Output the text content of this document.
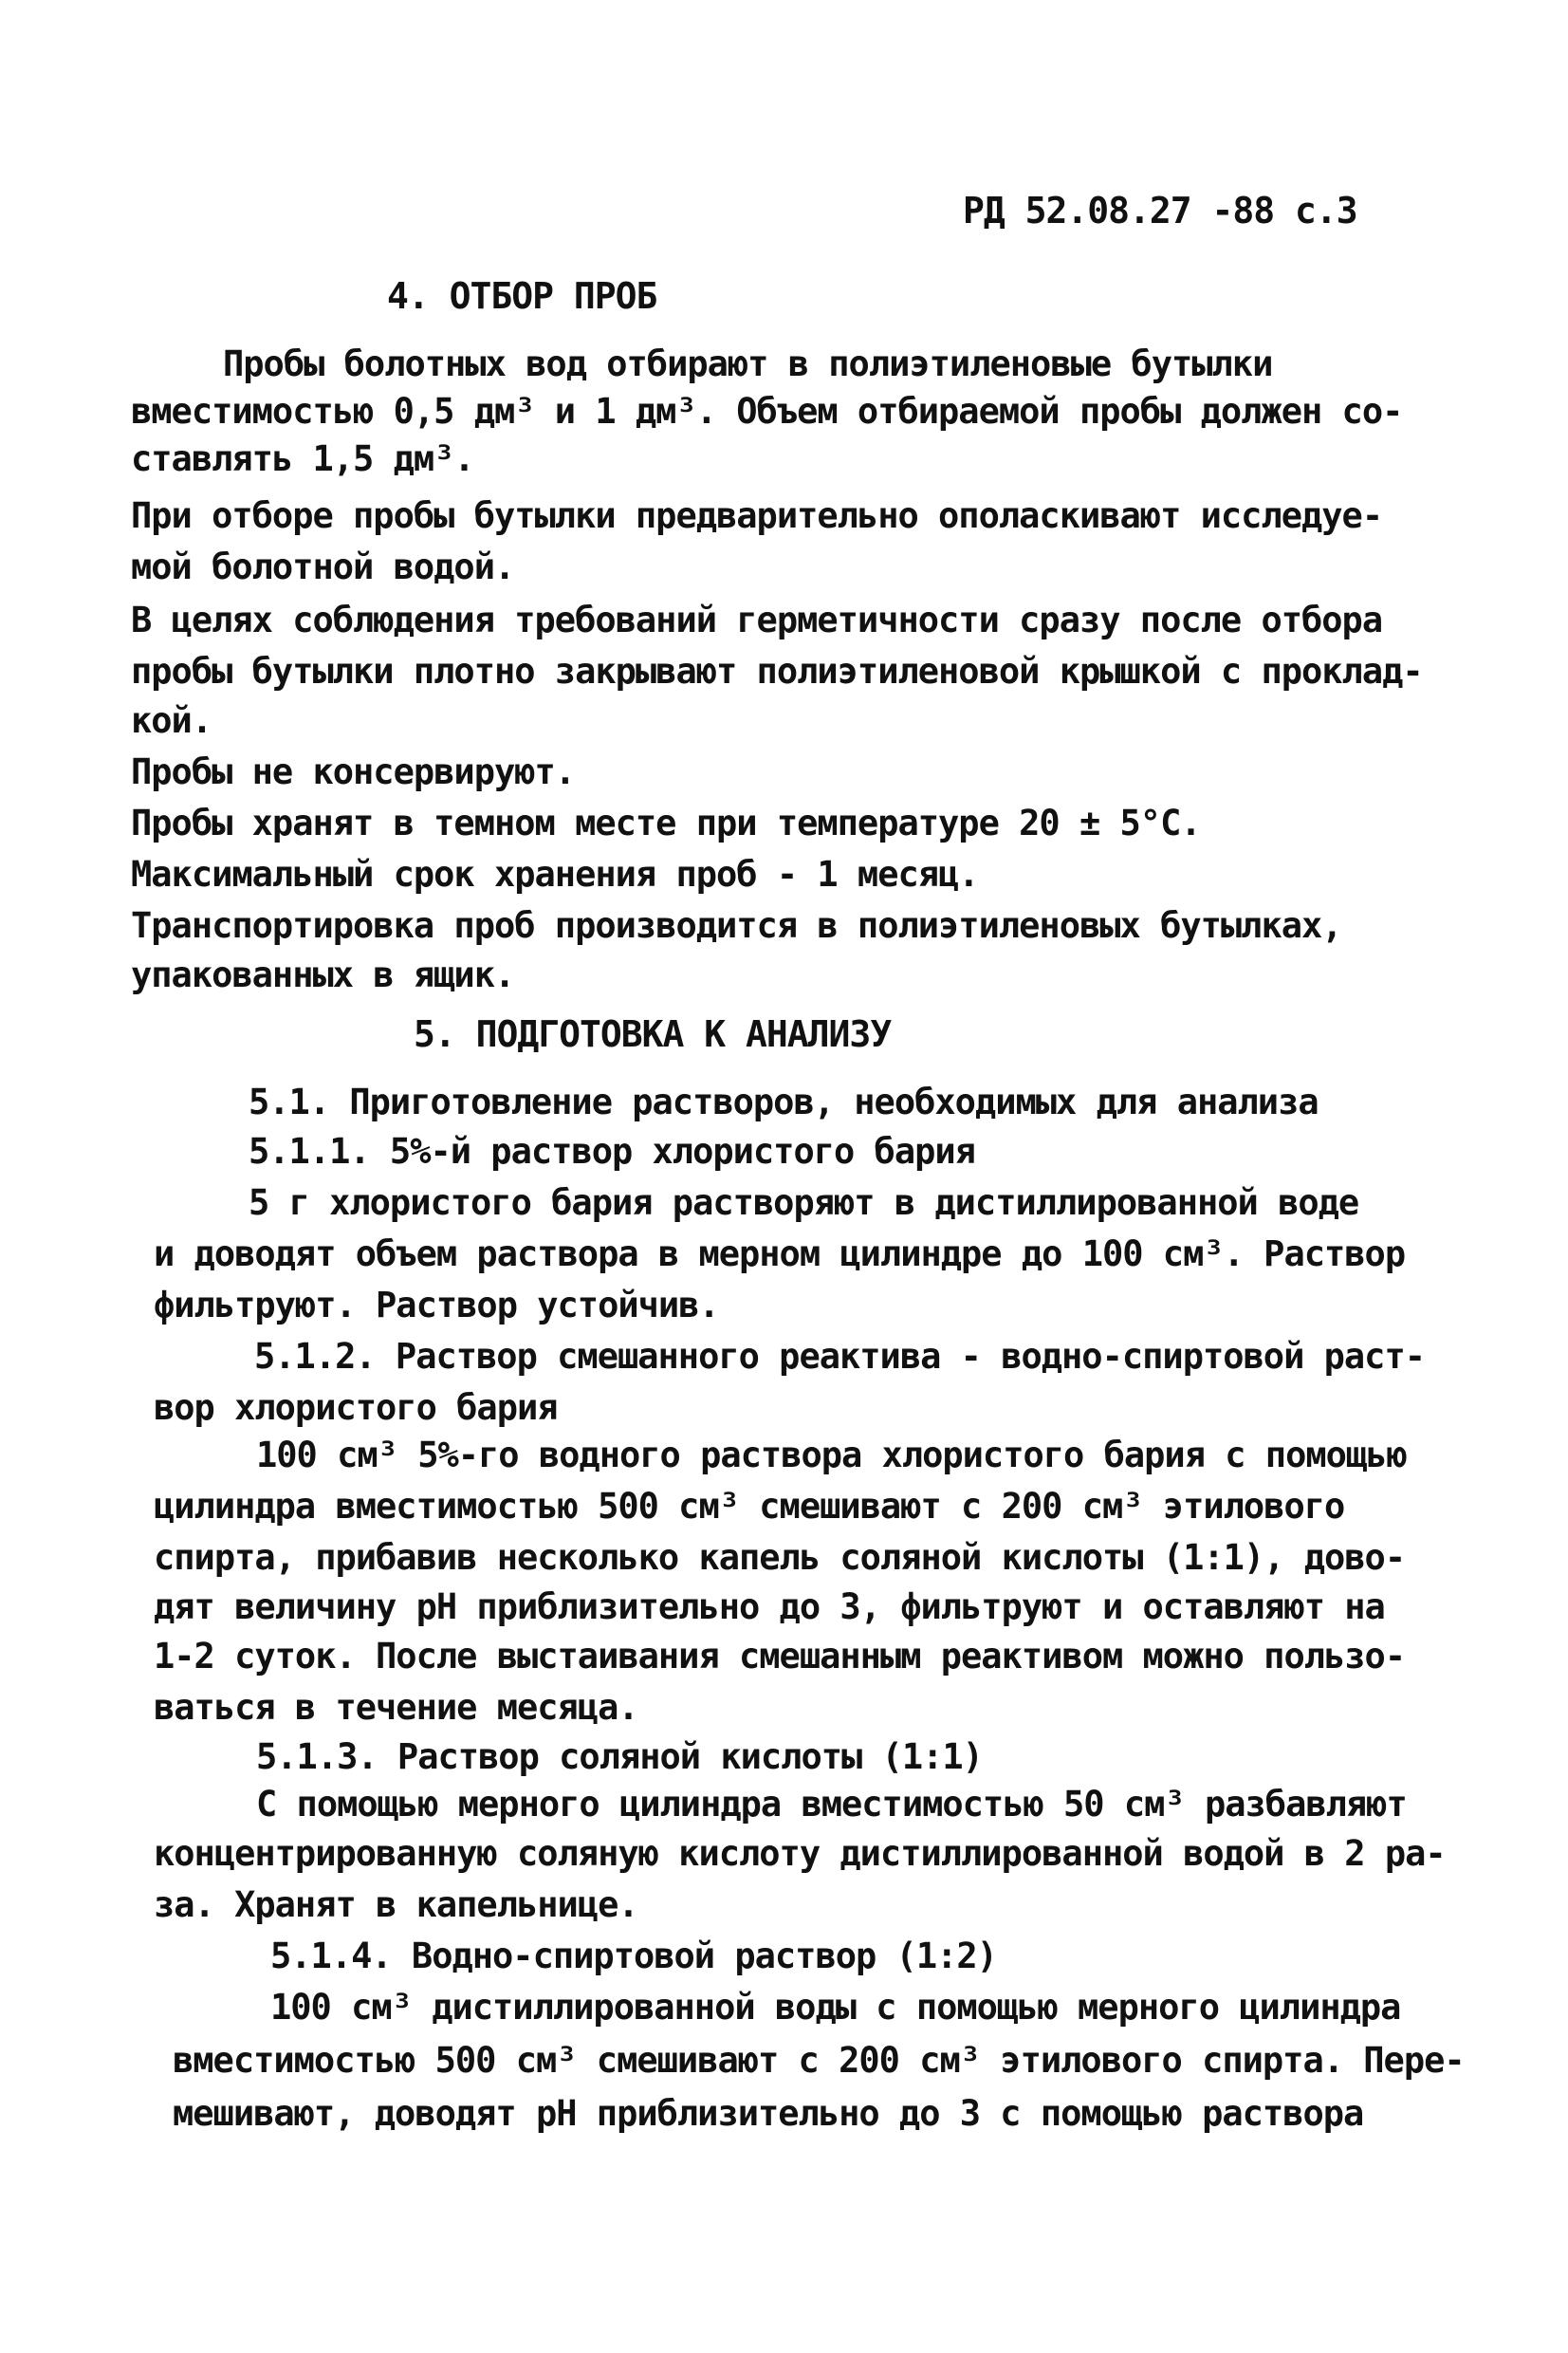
РД 52.08.27 -88 с.3
4. ОТБОР ПРОБ
Пробы болотных вод отбирают в полиэтиленовые бутылки
вместимостью 0,5 дм³ и 1 дм³. Объем отбираемой пробы должен со-
ставлять 1,5 дм³.
При отборе пробы бутылки предварительно ополаскивают исследуе-
мой болотной водой.
В целях соблюдения требований герметичности сразу после отбора
пробы бутылки плотно закрывают полиэтиленовой крышкой с проклад-
кой.
Пробы не консервируют.
Пробы хранят в темном месте при температуре 20 ± 5°С.
Максимальный срок хранения проб - 1 месяц.
Транспортировка проб производится в полиэтиленовых бутылках,
упакованных в ящик.
5. ПОДГОТОВКА К АНАЛИЗУ
5.1. Приготовление растворов, необходимых для анализа
5.1.1. 5%-й раствор хлористого бария
5 г хлористого бария растворяют в дистиллированной воде
и доводят объем раствора в мерном цилиндре до 100 см³. Раствор
фильтруют. Раствор устойчив.
5.1.2. Раствор смешанного реактива - водно-спиртовой раст-
вор хлористого бария
100 см³ 5%-го водного раствора хлористого бария с помощью
цилиндра вместимостью 500 см³ смешивают с 200 см³ этилового
спирта, прибавив несколько капель соляной кислоты (1:1), дово-
дят величину pH приблизительно до 3, фильтруют и оставляют на
1-2 суток. После выстаивания смешанным реактивом можно пользо-
ваться в течение месяца.
5.1.3. Раствор соляной кислоты (1:1)
С помощью мерного цилиндра вместимостью 50 см³ разбавляют
концентрированную соляную кислоту дистиллированной водой в 2 ра-
за. Хранят в капельнице.
5.1.4. Водно-спиртовой раствор (1:2)
100 см³ дистиллированной воды с помощью мерного цилиндра
вместимостью 500 см³ смешивают с 200 см³ этилового спирта. Пере-
мешивают, доводят pH приблизительно до 3 с помощью раствора
